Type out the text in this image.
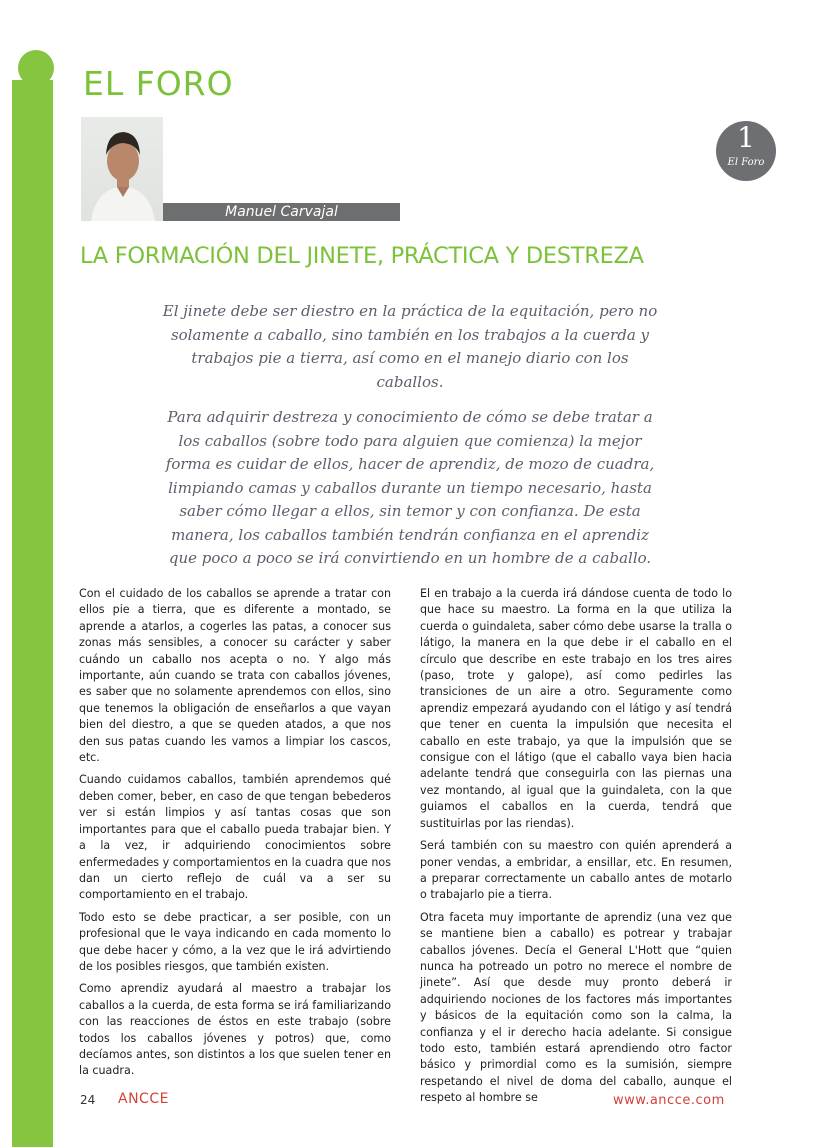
EL FORO
Manuel Carvajal
1
El Foro
LA FORMACIÓN DEL JINETE, PRÁCTICA Y DESTREZA

El jinete debe ser diestro en la práctica de la equitación, pero no solamente a caballo, sino también en los trabajos a la cuerda y trabajos pie a tierra, así como en el manejo diario con los caballos.

Para adquirir destreza y conocimiento de cómo se debe tratar a los caballos (sobre todo para alguien que comienza) la mejor forma es cuidar de ellos, hacer de aprendiz, de mozo de cuadra, limpiando camas y caballos durante un tiempo necesario, hasta saber cómo llegar a ellos, sin temor y con confianza. De esta manera, los caballos también tendrán confianza en el aprendiz que poco a poco se irá convirtiendo en un hombre de a caballo.

Con el cuidado de los caballos se aprende a tratar con ellos pie a tierra, que es diferente a montado, se aprende a atarlos, a cogerles las patas, a conocer sus zonas más sensibles, a conocer su carácter y saber cuándo un caballo nos acepta o no. Y algo más importante, aún cuando se trata con caballos jóvenes, es saber que no solamente aprendemos con ellos, sino que tenemos la obligación de enseñarlos a que vayan bien del diestro, a que se queden atados, a que nos den sus patas cuando les vamos a limpiar los cascos, etc.

Cuando cuidamos caballos, también aprendemos qué deben comer, beber, en caso de que tengan bebederos ver si están limpios y así tantas cosas que son importantes para que el caballo pueda trabajar bien. Y a la vez, ir adquiriendo conocimientos sobre enfermedades y comportamientos en la cuadra que nos dan un cierto reflejo de cuál va a ser su comportamiento en el trabajo.

Todo esto se debe practicar, a ser posible, con un profesional que le vaya indicando en cada momento lo que debe hacer y cómo, a la vez que le irá advirtiendo de los posibles riesgos, que también existen.

Como aprendiz ayudará al maestro a trabajar los caballos a la cuerda, de esta forma se irá familiarizando con las reacciones de éstos en este trabajo (sobre todos los caballos jóvenes y potros) que, como decíamos antes, son distintos a los que suelen tener en la cuadra.

El en trabajo a la cuerda irá dándose cuenta de todo lo que hace su maestro. La forma en la que utiliza la cuerda o guindaleta, saber cómo debe usarse la tralla o látigo, la manera en la que debe ir el caballo en el círculo que describe en este trabajo en los tres aires (paso, trote y galope), así como pedirles las transiciones de un aire a otro. Seguramente como aprendiz empezará ayudando con el látigo y así tendrá que tener en cuenta la impulsión que necesita el caballo en este trabajo, ya que la impulsión que se consigue con el látigo (que el caballo vaya bien hacia adelante tendrá que conseguirla con las piernas una vez montando, al igual que la guindaleta, con la que guiamos el caballos en la cuerda, tendrá que sustituirlas por las riendas).

Será también con su maestro con quién aprenderá a poner vendas, a embridar, a ensillar, etc. En resumen, a preparar correctamente un caballo antes de motarlo o trabajarlo pie a tierra.

Otra faceta muy importante de aprendiz (una vez que se mantiene bien a caballo) es potrear y trabajar caballos jóvenes. Decía el General L'Hott que “quien nunca ha potreado un potro no merece el nombre de jinete”. Así que desde muy pronto deberá ir adquiriendo nociones de los factores más importantes y básicos de la equitación como son la calma, la confianza y el ir derecho hacia adelante. Si consigue todo esto, también estará aprendiendo otro factor básico y primordial como es la sumisión, siempre respetando el nivel de doma del caballo, aunque el respeto al hombre se

24 ANCCE	www.ancce.com
